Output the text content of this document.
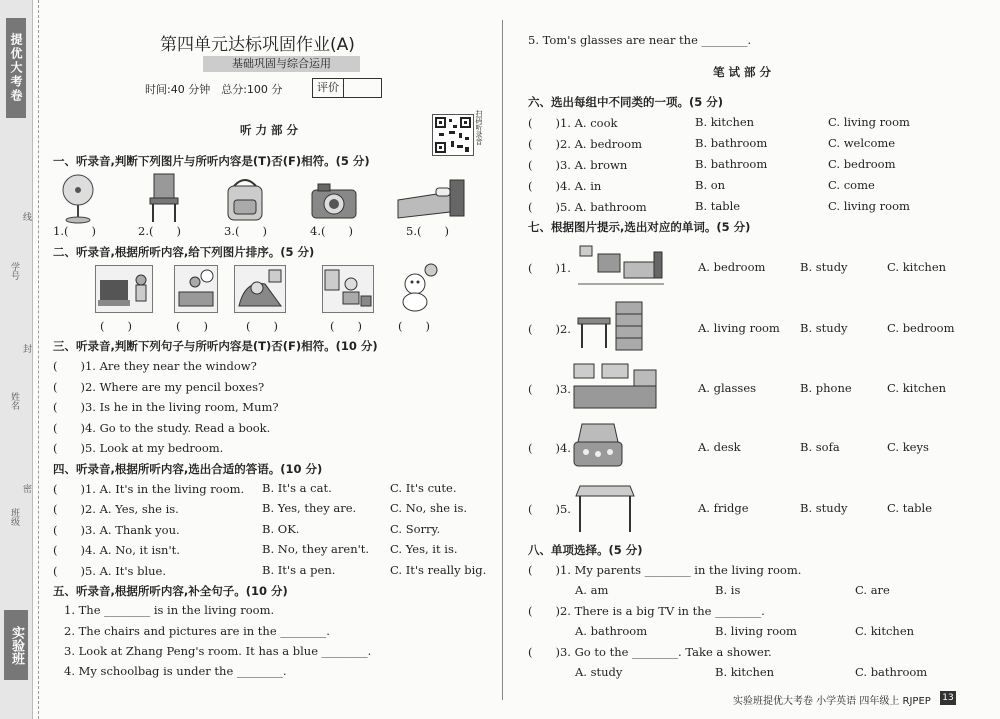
提优大考卷
实验班
学号
姓名
班级
线
封
密
第四单元达标巩固作业(A)
基础巩固与综合运用
时间:40 分钟　总分:100 分	评价
听 力 部 分	扫码听录音
一、听录音,判断下列图片与所听内容是(T)否(F)相符。(5 分)
1.(　　)	2.(　　)	3.(　　)	4.(　　)	5.(　　)
二、听录音,根据所听内容,给下列图片排序。(5 分)
(　　)	(　　)	(　　)	(　　)	(　　)
三、听录音,判断下列句子与所听内容是(T)否(F)相符。(10 分)
(　　)1. Are they near the window?
(　　)2. Where are my pencil boxes?
(　　)3. Is he in the living room, Mum?
(　　)4. Go to the study. Read a book.
(　　)5. Look at my bedroom.
四、听录音,根据所听内容,选出合适的答语。(10 分)
(　　)1. A. It's in the living room. B. It's a cat.	C. It's cute.
(　　)2. A. Yes, she is.	B. Yes, they are.	C. No, she is.
(　　)3. A. Thank you.	B. OK.	C. Sorry.
(　　)4. A. No, it isn't.	B. No, they aren't. C. Yes, it is.
(　　)5. A. It's blue.	B. It's a pen.	C. It's really big.
五、听录音,根据所听内容,补全句子。(10 分)
1. The ________ is in the living room.
2. The chairs and pictures are in the ________.
3. Look at Zhang Peng's room. It has a blue ________.
4. My schoolbag is under the ________.
5. Tom's glasses are near the ________.
笔 试 部 分
六、选出每组中不同类的一项。(5 分)
(　　)1. A. cook	B. kitchen	C. living room
(　　)2. A. bedroom	B. bathroom	C. welcome
(　　)3. A. brown	B. bathroom	C. bedroom
(　　)4. A. in	B. on	C. come
(　　)5. A. bathroom	B. table	C. living room
七、根据图片提示,选出对应的单词。(5 分)
(　　)1.	A. bedroom	B. study	C. kitchen
(　　)2.	A. living room B. study	C. bedroom
(　　)3.	A. glasses	B. phone	C. kitchen
(　　)4.	A. desk	B. sofa	C. keys
(　　)5.	A. fridge	B. study	C. table
八、单项选择。(5 分)
(　　)1. My parents ________ in the living room.
A. am	B. is	C. are
(　　)2. There is a big TV in the ________.
A. bathroom	B. living room	C. kitchen
(　　)3. Go to the ________. Take a shower.
A. study	B. kitchen	C. bathroom
实验班提优大考卷 小学英语 四年级上 RJPEP 13
